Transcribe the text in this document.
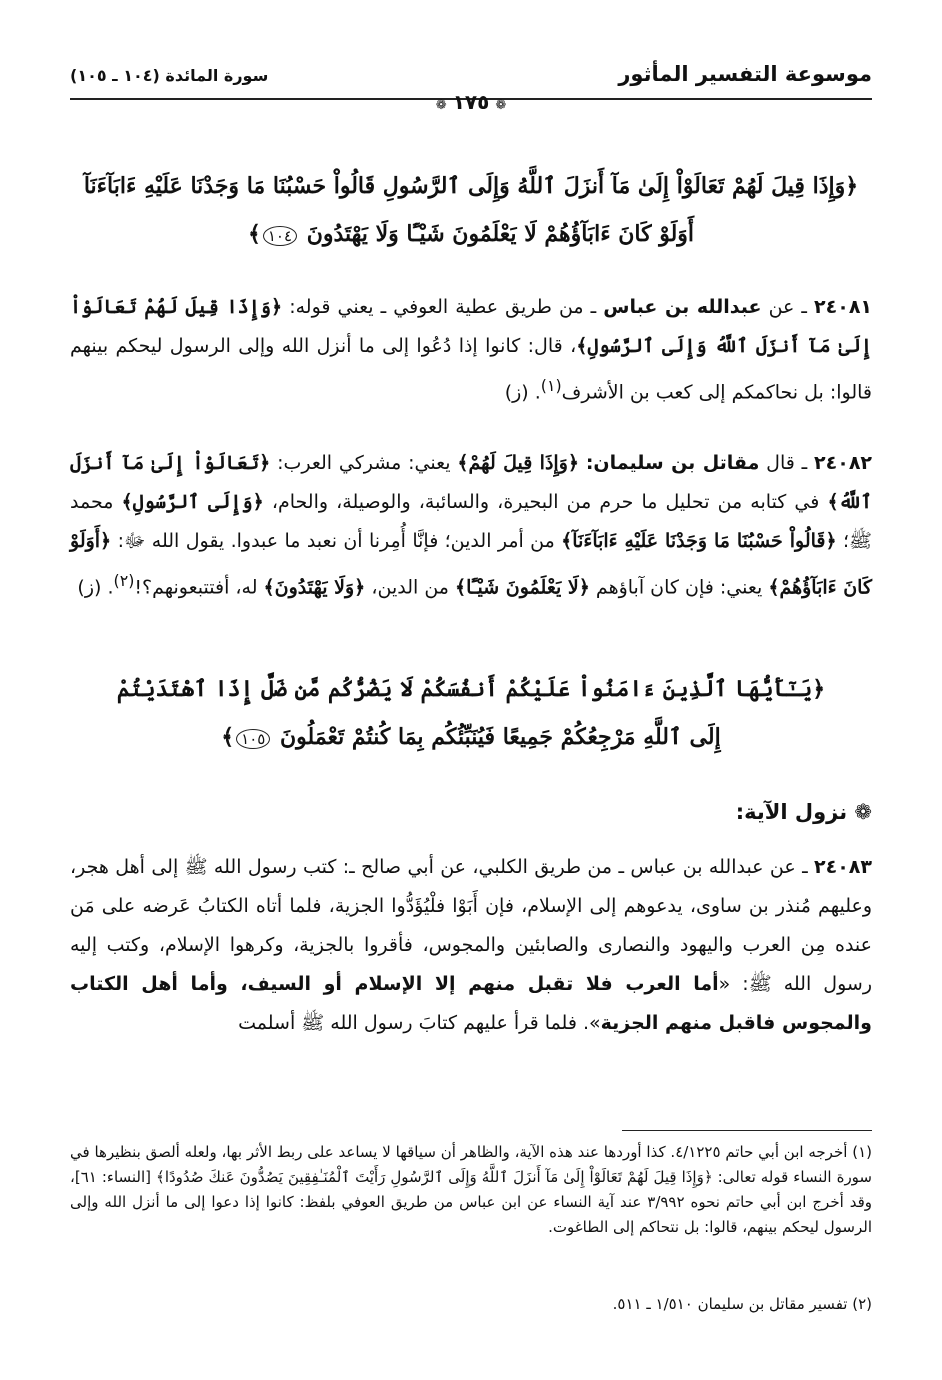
موسوعة التفسير المأثور
سورة المائدة (١٠٤ ـ ١٠٥)
❁١٧٥❁
﴿وَإِذَا قِيلَ لَهُمْ تَعَالَوْاْ إِلَىٰ مَآ أَنزَلَ ٱللَّهُ وَإِلَى ٱلرَّسُولِ قَالُواْ حَسْبُنَا مَا وَجَدْنَا عَلَيْهِ ءَابَآءَنَآ
أَوَلَوْ كَانَ ءَابَآؤُهُمْ لَا يَعْلَمُونَ شَيْـًٔا وَلَا يَهْتَدُونَ ١٠٤﴾
٢٤٠٨١ ـ عن عبدالله بن عباس ـ من طريق عطية العوفي ـ يعني قوله: ﴿وَإِذَا قِيلَ لَهُمْ تَعَالَوْاْ إِلَىٰ مَآ أَنزَلَ ٱللَّهُ وَإِلَى ٱلرَّسُولِ﴾، قال: كانوا إذا دُعُوا إلى ما أنزل الله وإلى الرسول ليحكم بينهم قالوا: بل نحاكمكم إلى كعب بن الأشرف$^{(١)}$. (ز)
٢٤٠٨٢ ـ قال مقاتل بن سليمان: ﴿وَإِذَا قِيلَ لَهُمْ﴾ يعني: مشركي العرب: ﴿تَعَالَوْاْ إِلَىٰ مَآ أَنزَلَ ٱللَّهُ﴾ في كتابه من تحليل ما حرم من البحيرة، والسائبة، والوصيلة، والحام، ﴿وَإِلَى ٱلرَّسُولِ﴾ محمد ﷺ؛ ﴿قَالُواْ حَسْبُنَا مَا وَجَدْنَا عَلَيْهِ ءَابَآءَنَآ﴾ من أمر الدين؛ فإنَّا أُمِرنا أن نعبد ما عبدوا. يقول الله ﷻ: ﴿أَوَلَوْ كَانَ ءَابَآؤُهُمْ﴾ يعني: فإن كان آباؤهم ﴿لَا يَعْلَمُونَ شَيْـًٔا﴾ من الدين، ﴿وَلَا يَهْتَدُونَ﴾ له، أفتتبعونهم؟!$^{(٢)}$. (ز)
﴿يَـٰٓأَيُّهَا ٱلَّذِينَ ءَامَنُواْ عَلَيْكُمْ أَنفُسَكُمْ لَا يَضُرُّكُم مَّن ضَلَّ إِذَا ٱهْتَدَيْتُمْ
إِلَى ٱللَّهِ مَرْجِعُكُمْ جَمِيعًا فَيُنَبِّئُكُم بِمَا كُنتُمْ تَعْمَلُونَ ١٠٥﴾
❁ نزول الآية:
٢٤٠٨٣ ـ عن عبدالله بن عباس ـ من طريق الكلبي، عن أبي صالح ـ: كتب رسول الله ﷺ إلى أهل هجر، وعليهم مُنذر بن ساوى، يدعوهم إلى الإسلام، فإن أَبَوْا فلْيُؤَدُّوا الجزية، فلما أتاه الكتابُ عَرضه على مَن عنده مِن العرب واليهود والنصارى والصابئين والمجوس، فأقروا بالجزية، وكرهوا الإسلام، وكتب إليه رسول الله ﷺ: «أما العرب فلا تقبل منهم إلا الإسلام أو السيف، وأما أهل الكتاب والمجوس فاقبل منهم الجزية». فلما قرأ عليهم كتابَ رسول الله ﷺ أسلمت
(١) أخرجه ابن أبي حاتم ٤/١٢٢٥. كذا أوردها عند هذه الآية، والظاهر أن سياقها لا يساعد على ربط الأثر بها، ولعله ألصق بنظيرها في سورة النساء قوله تعالى: ﴿وَإِذَا قِيلَ لَهُمْ تَعَالَوْاْ إِلَىٰ مَآ أَنزَلَ ٱللَّهُ وَإِلَى ٱلرَّسُولِ رَأَيْتَ ٱلْمُنَـٰفِقِينَ يَصُدُّونَ عَنكَ صُدُودًا﴾ [النساء: ٦١]، وقد أخرج ابن أبي حاتم نحوه ٣/٩٩٢ عند آية النساء عن ابن عباس من طريق العوفي بلفظ: كانوا إذا دعوا إلى ما أنزل الله وإلى الرسول ليحكم بينهم، قالوا: بل نتحاكم إلى الطاغوت.
(٢) تفسير مقاتل بن سليمان ١/٥١٠ ـ ٥١١.
